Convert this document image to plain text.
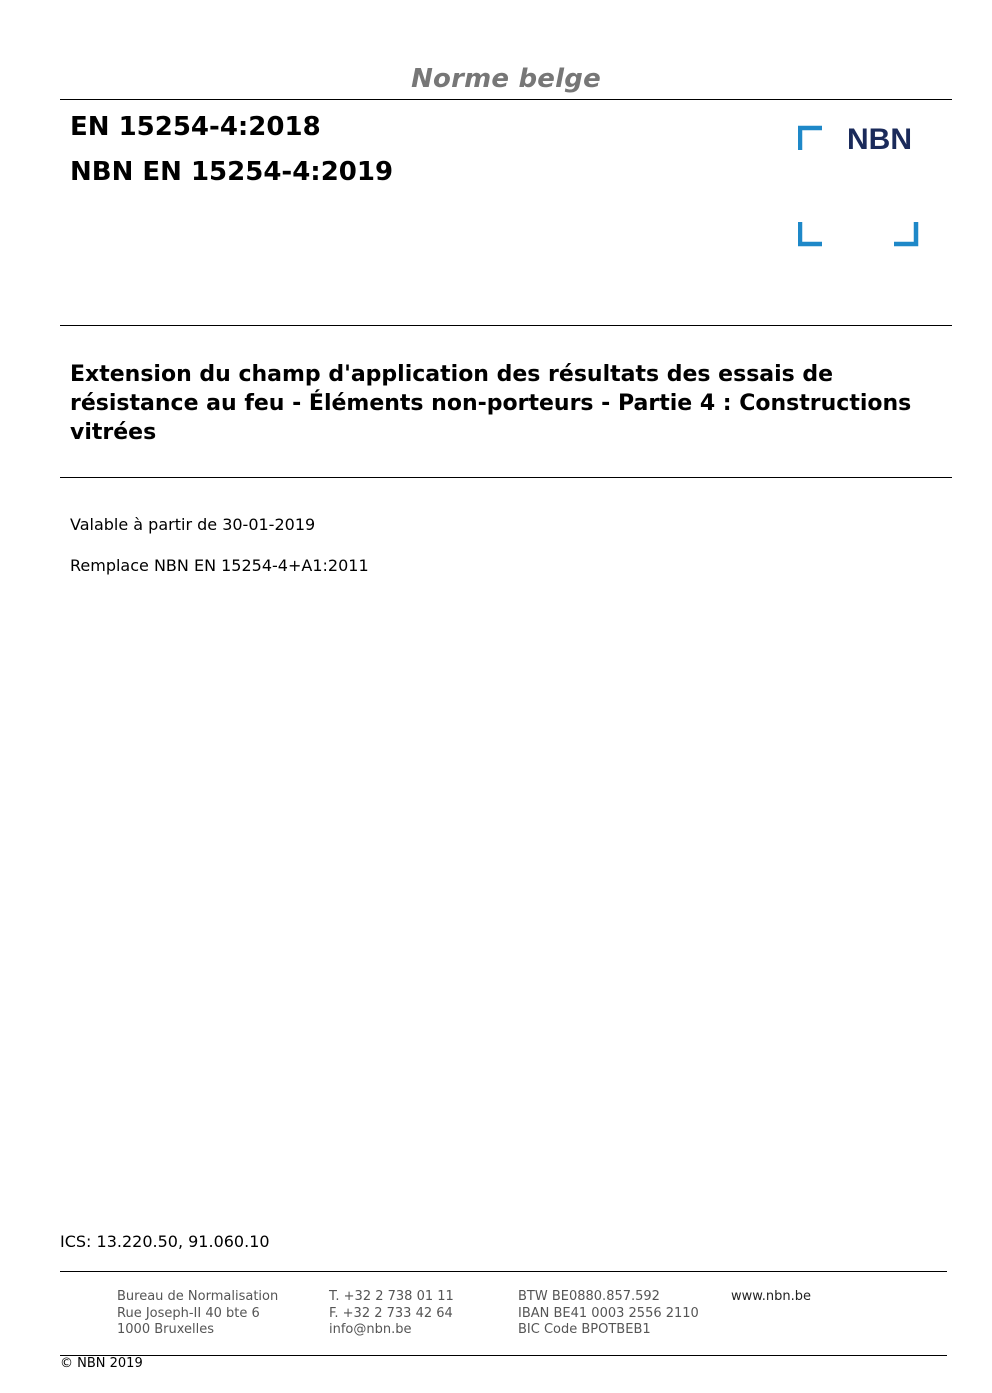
Norme belge
EN 15254-4:2018
NBN EN 15254-4:2019
NBN
Extension du champ d'application des résultats des essais de résistance au feu - Éléments non-porteurs - Partie 4 : Constructions vitrées
Valable à partir de 30-01-2019
Remplace NBN EN 15254-4+A1:2011
ICS: 13.220.50, 91.060.10
Bureau de Normalisation
Rue Joseph-II 40 bte 6
1000 Bruxelles
T. +32 2 738 01 11
F. +32 2 733 42 64
info@nbn.be
BTW BE0880.857.592
IBAN BE41 0003 2556 2110
BIC Code BPOTBEB1
www.nbn.be
© NBN 2019
